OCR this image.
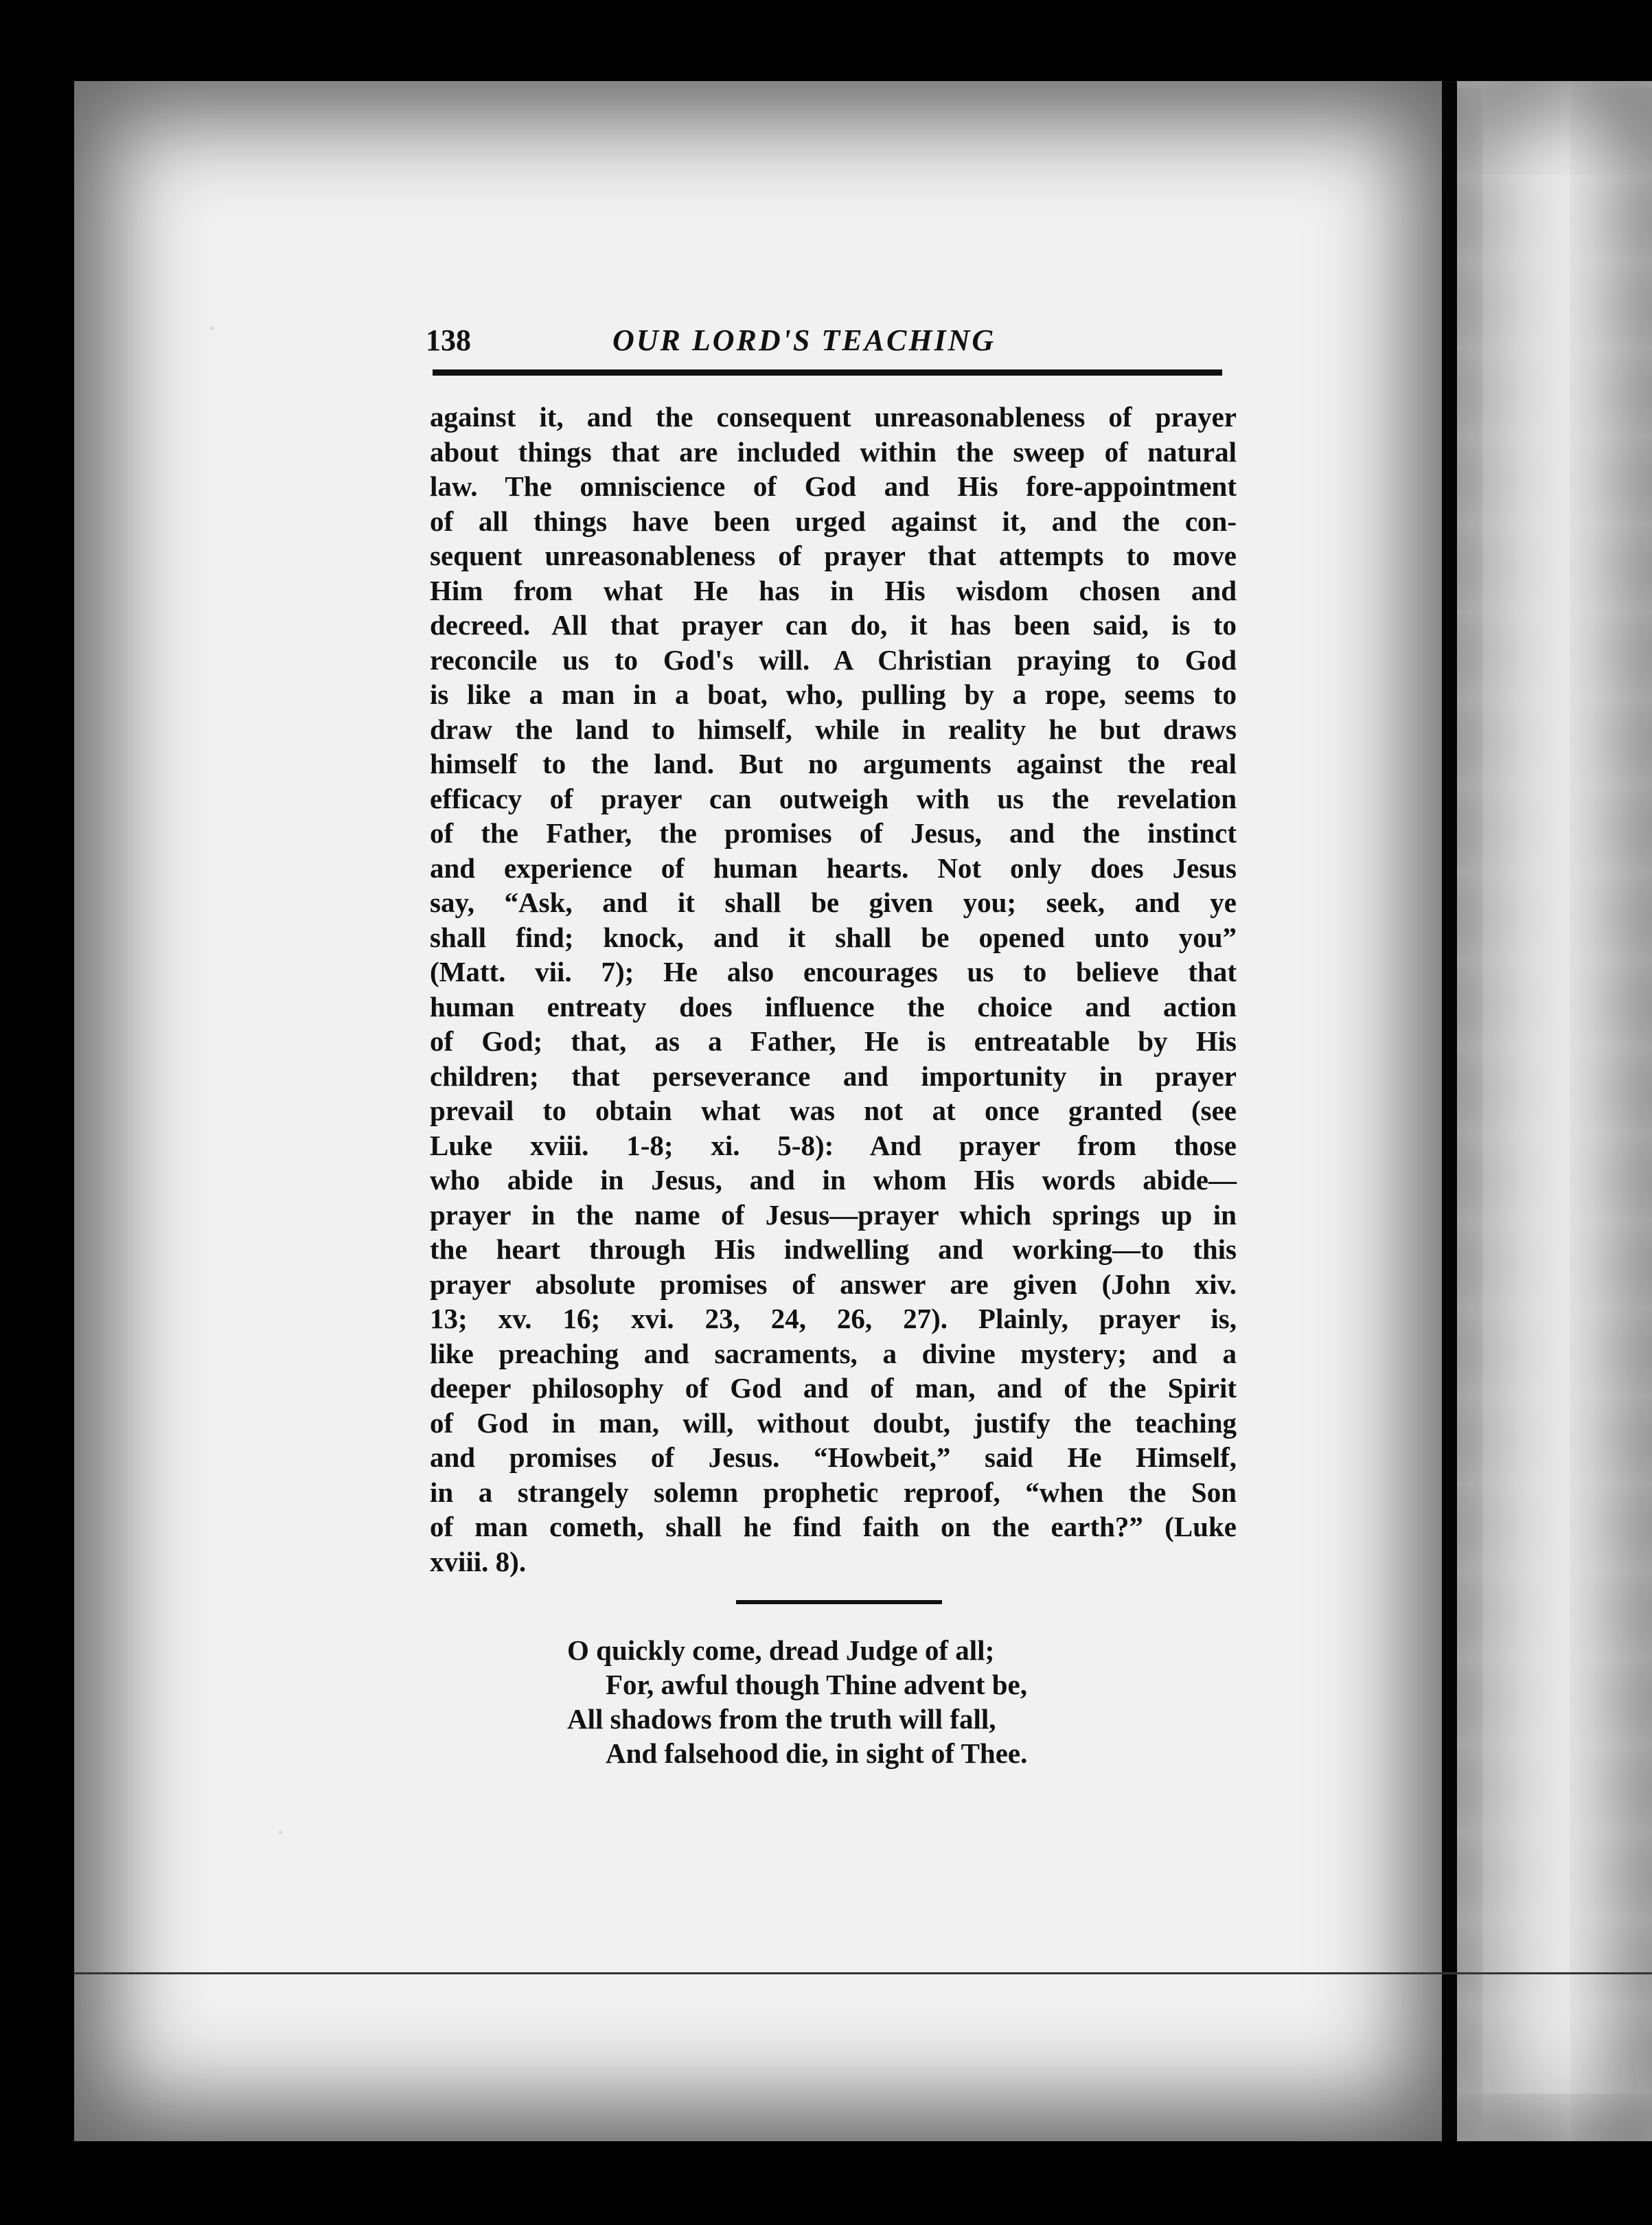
138	OUR LORD'S TEACHING
against it, and the consequent unreasonableness of prayer
about things that are included within the sweep of natural
law. The omniscience of God and His fore-appointment
of all things have been urged against it, and the con-
sequent unreasonableness of prayer that attempts to move
Him from what He has in His wisdom chosen and
decreed. All that prayer can do, it has been said, is to
reconcile us to God's will. A Christian praying to God
is like a man in a boat, who, pulling by a rope, seems to
draw the land to himself, while in reality he but draws
himself to the land. But no arguments against the real
efficacy of prayer can outweigh with us the revelation
of the Father, the promises of Jesus, and the instinct
and experience of human hearts. Not only does Jesus
say, “Ask, and it shall be given you; seek, and ye
shall find; knock, and it shall be opened unto you”
(Matt. vii. 7); He also encourages us to believe that
human entreaty does influence the choice and action
of God; that, as a Father, He is entreatable by His
children; that perseverance and importunity in prayer
prevail to obtain what was not at once granted (see
Luke xviii. 1-8; xi. 5-8): And prayer from those
who abide in Jesus, and in whom His words abide—
prayer in the name of Jesus—prayer which springs up in
the heart through His indwelling and working—to this
prayer absolute promises of answer are given (John xiv.
13; xv. 16; xvi. 23, 24, 26, 27). Plainly, prayer is,
like preaching and sacraments, a divine mystery; and a
deeper philosophy of God and of man, and of the Spirit
of God in man, will, without doubt, justify the teaching
and promises of Jesus. “Howbeit,” said He Himself,
in a strangely solemn prophetic reproof, “when the Son
of man cometh, shall he find faith on the earth?” (Luke
xviii. 8).
O quickly come, dread Judge of all;
For, awful though Thine advent be,
All shadows from the truth will fall,
And falsehood die, in sight of Thee.
